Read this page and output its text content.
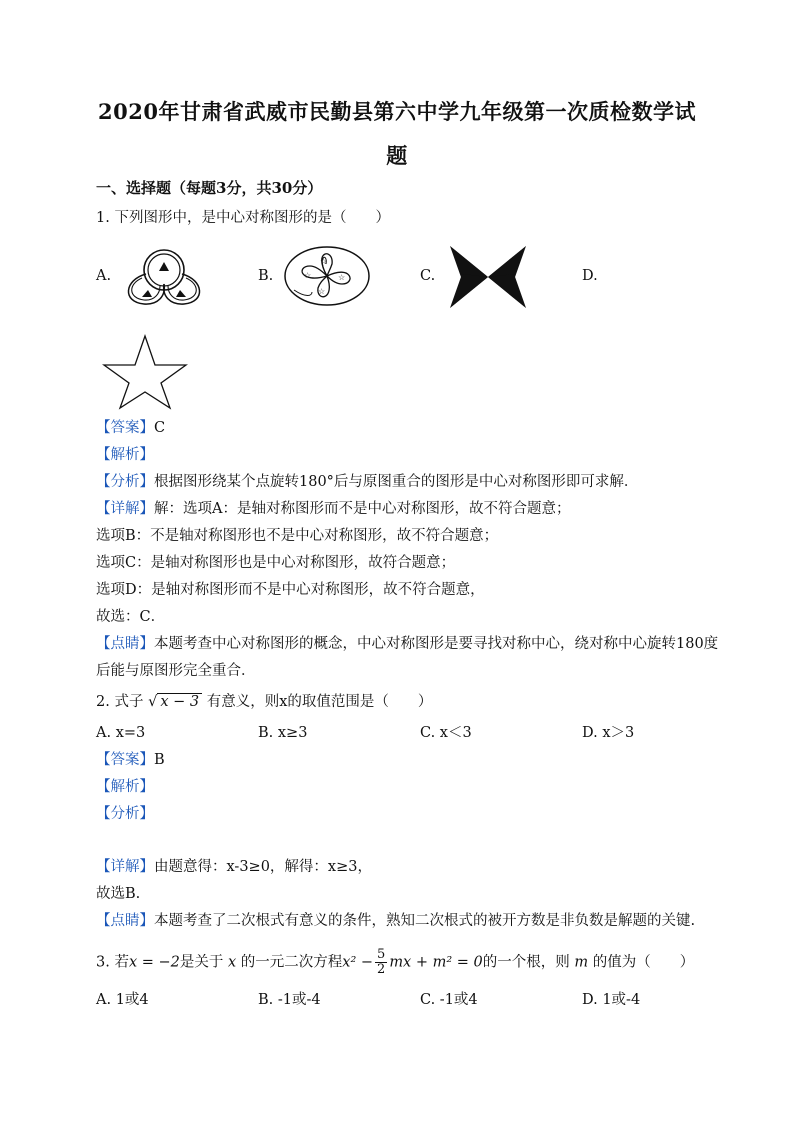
2020年甘肃省武威市民勤县第六中学九年级第一次质检数学试
题
一、选择题（每题3分，共30分）
1. 下列图形中，是中心对称图形的是（　　）
A.	B.
☆
☆
☆
☆	C.	D.
【答案】C
【解析】
【分析】根据图形绕某个点旋转180°后与原图重合的图形是中心对称图形即可求解．
【详解】解：选项A：是轴对称图形而不是中心对称图形，故不符合题意；
选项B：不是轴对称图形也不是中心对称图形，故不符合题意；
选项C：是轴对称图形也是中心对称图形，故符合题意；
选项D：是轴对称图形而不是中心对称图形，故不符合题意，
故选：C．
【点睛】本题考查中心对称图形的概念，中心对称图形是要寻找对称中心，绕对称中心旋转180度
后能与原图形完全重合．
2. 式子 √ x − 3 有意义，则x的取值范围是（　　）
A. x=3	B. x≥3	C. x＜3	D. x＞3
【答案】B
【解析】
【分析】
【详解】由题意得：x-3≥0，解得：x≥3，
故选B.
【点睛】本题考查了二次根式有意义的条件，熟知二次根式的被开方数是非负数是解题的关键.
3. 若x = −2是关于 x 的一元二次方程$x^2 - \frac{5}{2}$ mx + m² = 0的一个根，则 m 的值为（　　）
A. 1或4	B. -1或-4	C. -1或4	D. 1或-4
